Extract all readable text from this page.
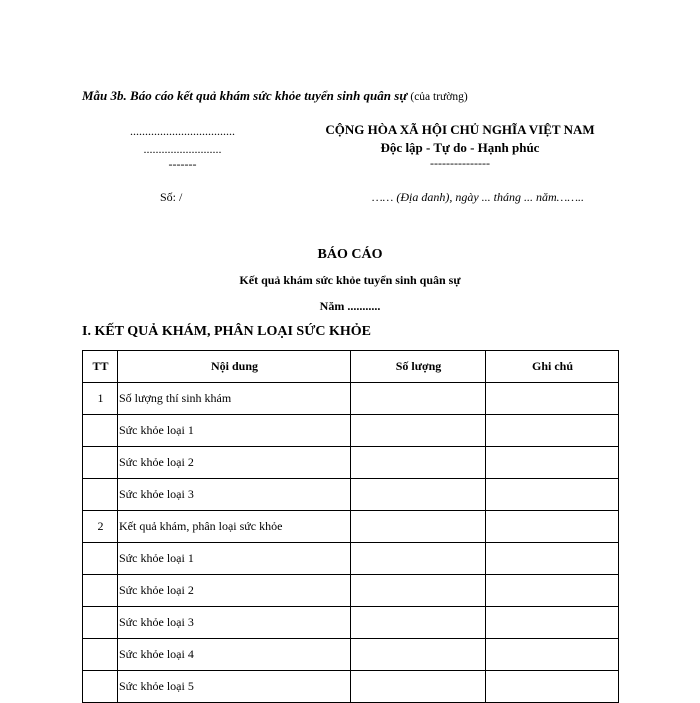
Mẫu 3b. Báo cáo kết quả khám sức khỏe tuyển sinh quân sự (của trường)
...................................
..........................
-------
CỘNG HÒA XÃ HỘI CHỦ NGHĨA VIỆT NAM
Độc lập - Tự do - Hạnh phúc
---------------
Số: /	…… (Địa danh), ngày ... tháng ... năm……..
BÁO CÁO
Kết quả khám sức khỏe tuyển sinh quân sự
Năm ...........
I. KẾT QUẢ KHÁM, PHÂN LOẠI SỨC KHỎE
TT	Nội dung	Số lượng	Ghi chú
1	Số lượng thí sinh khám		
	Sức khỏe loại 1		
	Sức khỏe loại 2		
	Sức khỏe loại 3		
2	Kết quả khám, phân loại sức khỏe		
	Sức khỏe loại 1		
	Sức khỏe loại 2		
	Sức khỏe loại 3		
	Sức khỏe loại 4		
	Sức khỏe loại 5		
